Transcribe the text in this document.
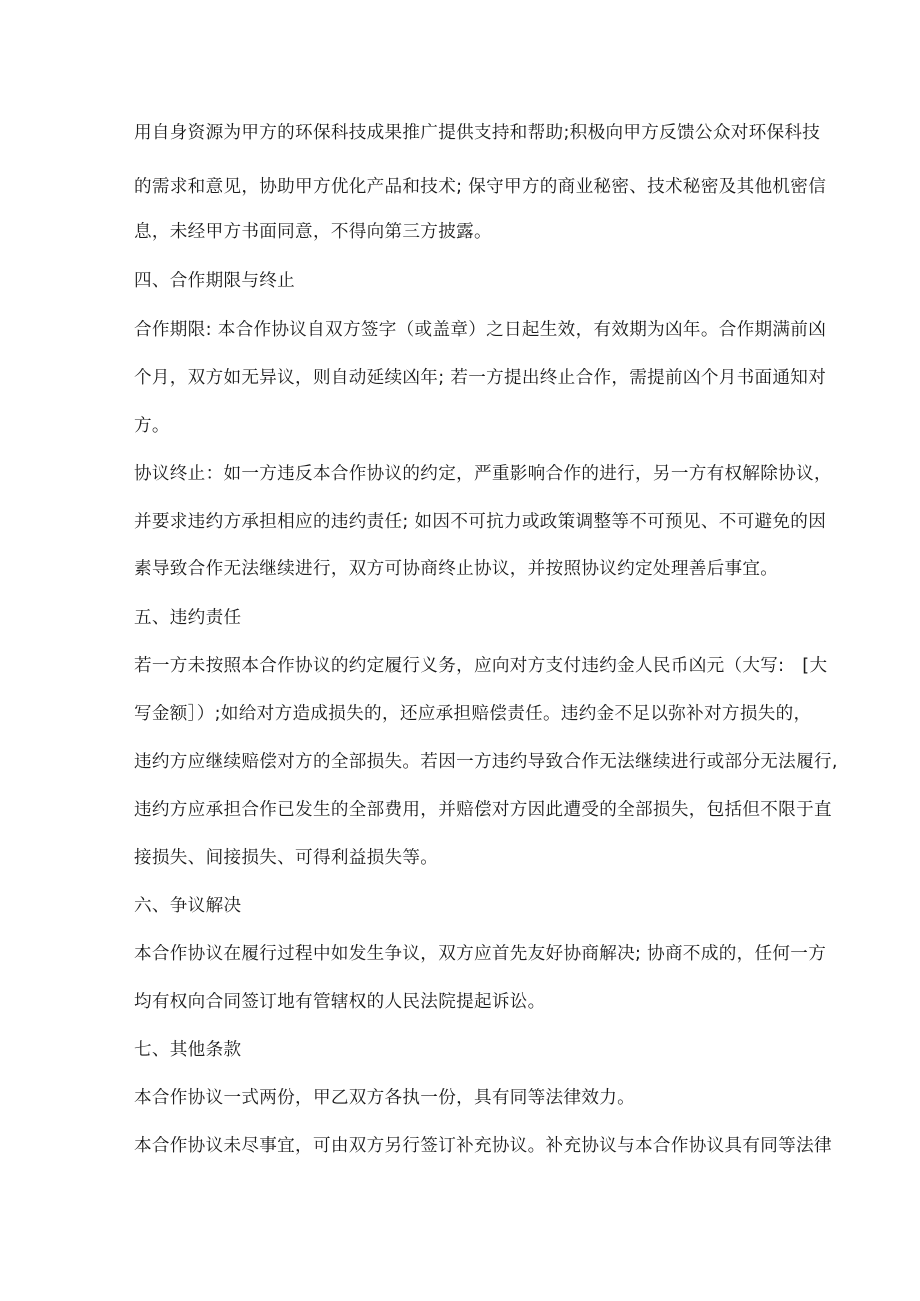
用自身资源为甲方的环保科技成果推广提供支持和帮助;积极向甲方反馈公众对环保科技
的需求和意见，协助甲方优化产品和技术; 保守甲方的商业秘密、技术秘密及其他机密信
息，未经甲方书面同意，不得向第三方披露。
四、合作期限与终止
合作期限: 本合作协议自双方签字（或盖章）之日起生效，有效期为凶年。合作期满前凶
个月，双方如无异议，则自动延续凶年; 若一方提出终止合作，需提前凶个月书面通知对
方。
协议终止：如一方违反本合作协议的约定，严重影响合作的进行，另一方有权解除协议，
并要求违约方承担相应的违约责任; 如因不可抗力或政策调整等不可预见、不可避免的因
素导致合作无法继续进行，双方可协商终止协议，并按照协议约定处理善后事宜。
五、违约责任
若一方未按照本合作协议的约定履行义务，应向对方支付违约金人民币凶元（大写:　[大
写金额］）;如给对方造成损失的，还应承担赔偿责任。违约金不足以弥补对方损失的，
违约方应继续赔偿对方的全部损失。若因一方违约导致合作无法继续进行或部分无法履行,
违约方应承担合作已发生的全部费用，并赔偿对方因此遭受的全部损失，包括但不限于直
接损失、间接损失、可得利益损失等。
六、争议解决
本合作协议在履行过程中如发生争议，双方应首先友好协商解决; 协商不成的，任何一方
均有权向合同签订地有管辖权的人民法院提起诉讼。
七、其他条款
本合作协议一式两份，甲乙双方各执一份，具有同等法律效力。
本合作协议未尽事宜，可由双方另行签订补充协议。补充协议与本合作协议具有同等法律
